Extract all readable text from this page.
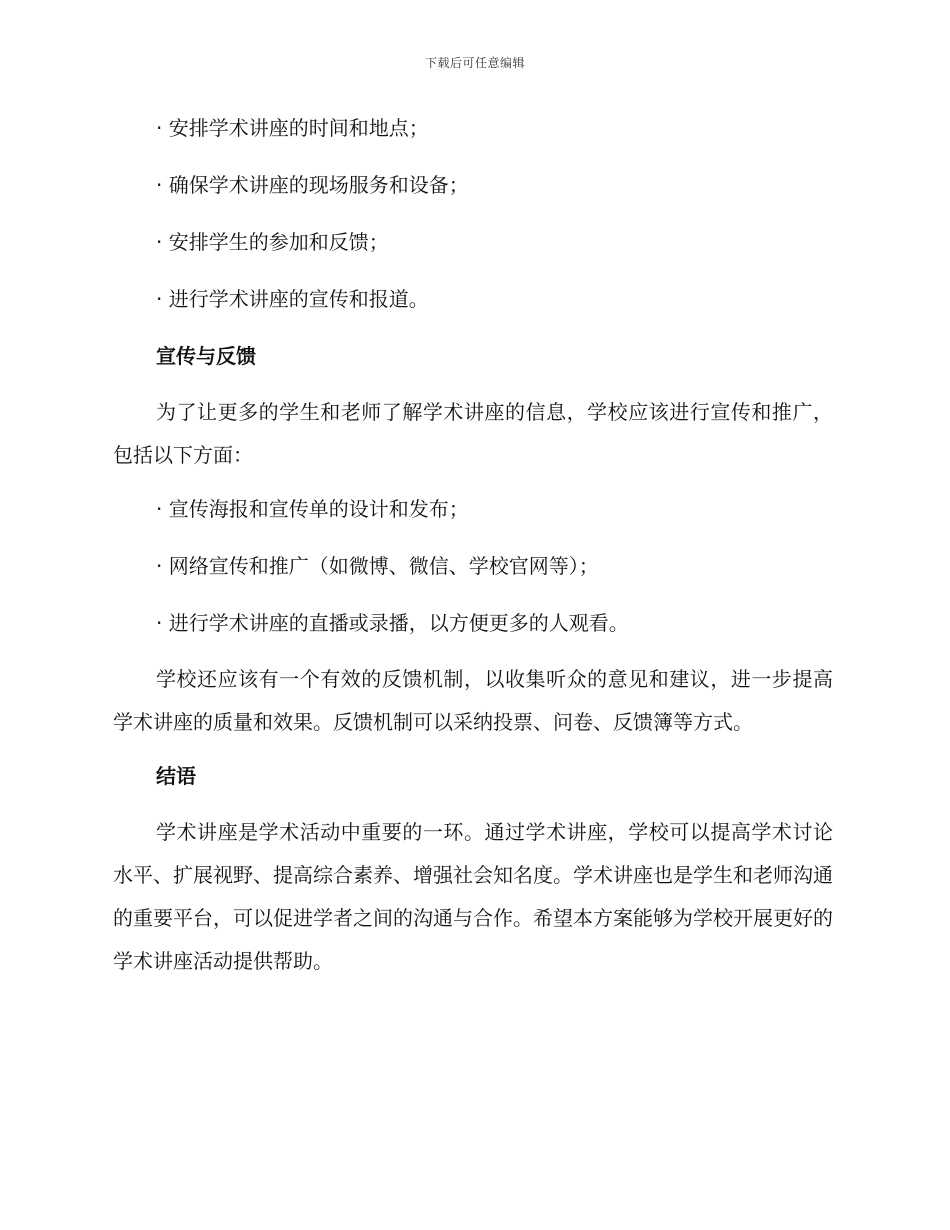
下载后可任意编辑

· 安排学术讲座的时间和地点；

· 确保学术讲座的现场服务和设备；

· 安排学生的参加和反馈；

· 进行学术讲座的宣传和报道。

宣传与反馈

为了让更多的学生和老师了解学术讲座的信息，学校应该进行宣传和推广，包括以下方面：

· 宣传海报和宣传单的设计和发布；

· 网络宣传和推广（如微博、微信、学校官网等）；

· 进行学术讲座的直播或录播，以方便更多的人观看。

学校还应该有一个有效的反馈机制，以收集听众的意见和建议，进一步提高学术讲座的质量和效果。反馈机制可以采纳投票、问卷、反馈簿等方式。

结语

学术讲座是学术活动中重要的一环。通过学术讲座，学校可以提高学术讨论水平、扩展视野、提高综合素养、增强社会知名度。学术讲座也是学生和老师沟通的重要平台，可以促进学者之间的沟通与合作。希望本方案能够为学校开展更好的学术讲座活动提供帮助。
